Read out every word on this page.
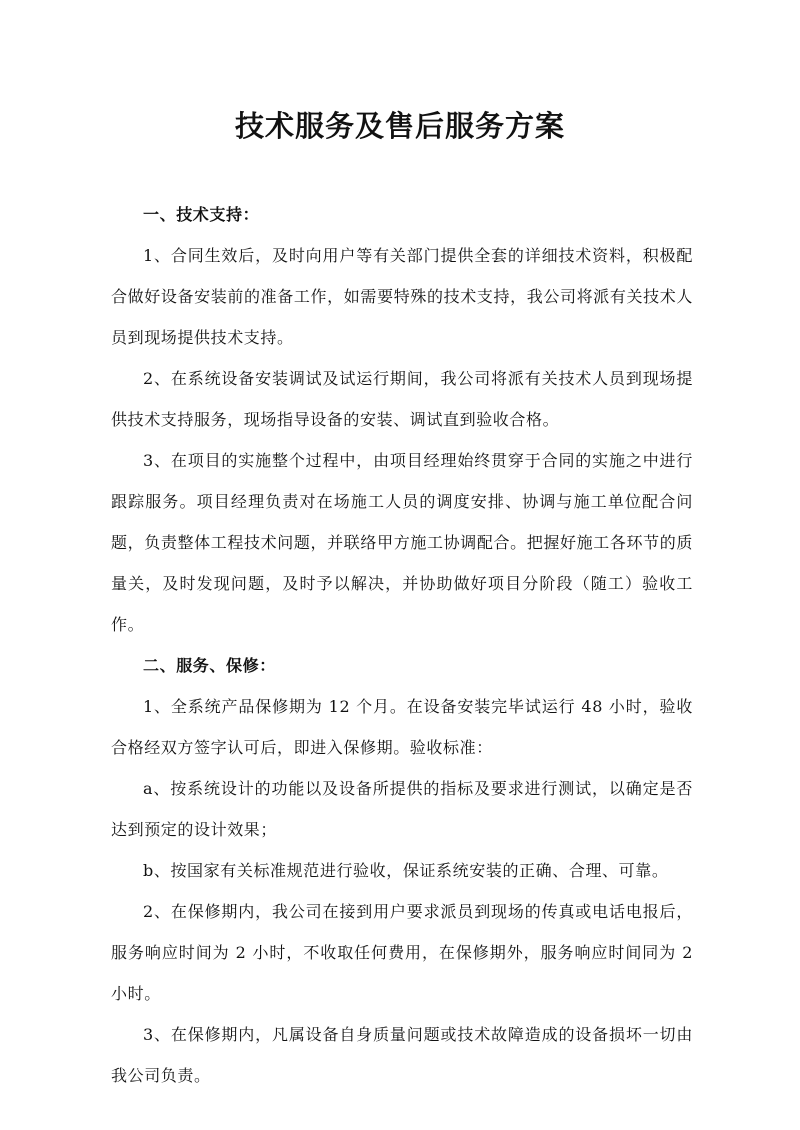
技术服务及售后服务方案

一、技术支持：

1、合同生效后，及时向用户等有关部门提供全套的详细技术资料，积极配合做好设备安装前的准备工作，如需要特殊的技术支持，我公司将派有关技术人员到现场提供技术支持。

2、在系统设备安装调试及试运行期间，我公司将派有关技术人员到现场提供技术支持服务，现场指导设备的安装、调试直到验收合格。

3、在项目的实施整个过程中，由项目经理始终贯穿于合同的实施之中进行跟踪服务。项目经理负责对在场施工人员的调度安排、协调与施工单位配合问题，负责整体工程技术问题，并联络甲方施工协调配合。把握好施工各环节的质量关，及时发现问题，及时予以解决，并协助做好项目分阶段（随工）验收工作。

二、服务、保修：

1、全系统产品保修期为 12 个月。在设备安装完毕试运行 48 小时，验收合格经双方签字认可后，即进入保修期。验收标准：

a、按系统设计的功能以及设备所提供的指标及要求进行测试，以确定是否达到预定的设计效果；

b、按国家有关标准规范进行验收，保证系统安装的正确、合理、可靠。

2、在保修期内，我公司在接到用户要求派员到现场的传真或电话电报后，服务响应时间为 2 小时，不收取任何费用，在保修期外，服务响应时间同为 2 小时。

3、在保修期内，凡属设备自身质量问题或技术故障造成的设备损坏一切由我公司负责。
